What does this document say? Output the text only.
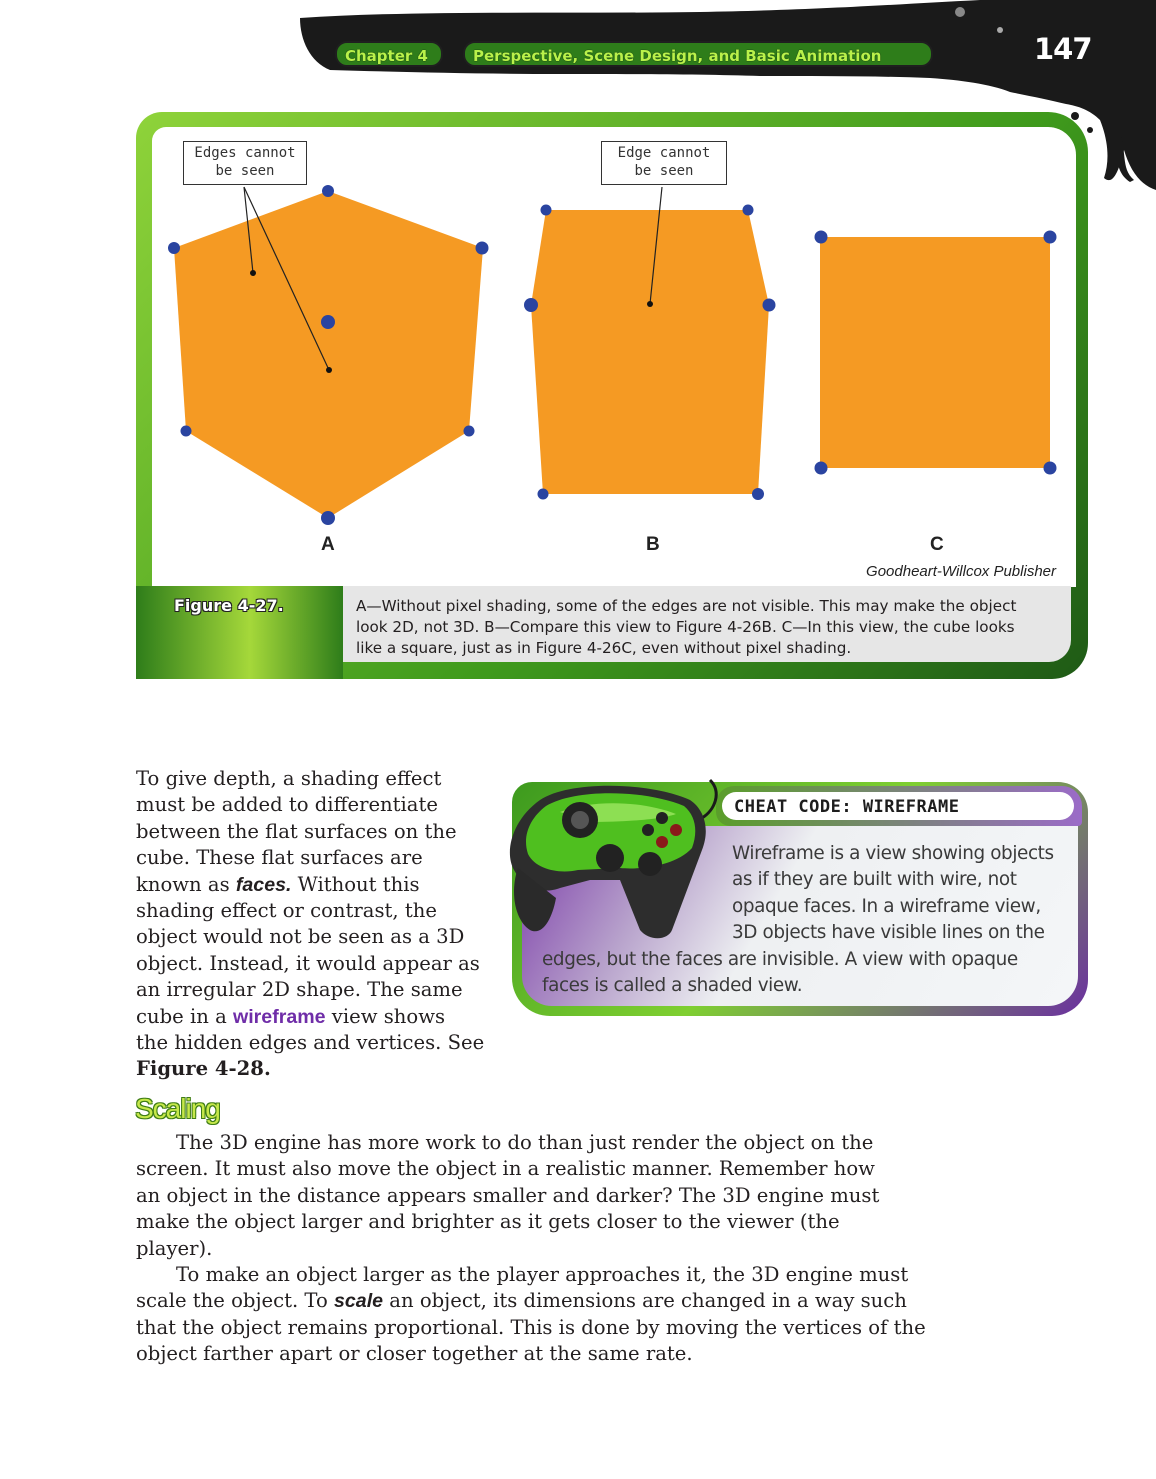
Chapter 4	Perspective, Scene Design, and Basic Animation	147
Edges cannot
be seen
Edge cannot
be seen
A	B	C
Goodheart-Willcox Publisher
Figure 4-27.	A—Without pixel shading, some of the edges are not visible. This may make the object
look 2D, not 3D. B—Compare this view to Figure 4-26B. C—In this view, the cube looks
like a square, just as in Figure 4-26C, even without pixel shading.
To give depth, a shading effect
must be added to differentiate
between the flat surfaces on the
cube. These flat surfaces are
known as faces. Without this
shading effect or contrast, the
object would not be seen as a 3D
object. Instead, it would appear as
an irregular 2D shape. The same
cube in a wireframe view shows
the hidden edges and vertices. See
Figure 4-28.
CHEAT CODE: WIREFRAME
Wireframe is a view showing objects
as if they are built with wire, not
opaque faces. In a wireframe view,
3D objects have visible lines on the
edges, but the faces are invisible. A view with opaque
faces is called a shaded view.
Scaling
The 3D engine has more work to do than just render the object on the
screen. It must also move the object in a realistic manner. Remember how
an object in the distance appears smaller and darker? The 3D engine must
make the object larger and brighter as it gets closer to the viewer (the
player).
To make an object larger as the player approaches it, the 3D engine must
scale the object. To scale an object, its dimensions are changed in a way such
that the object remains proportional. This is done by moving the vertices of the
object farther apart or closer together at the same rate.
